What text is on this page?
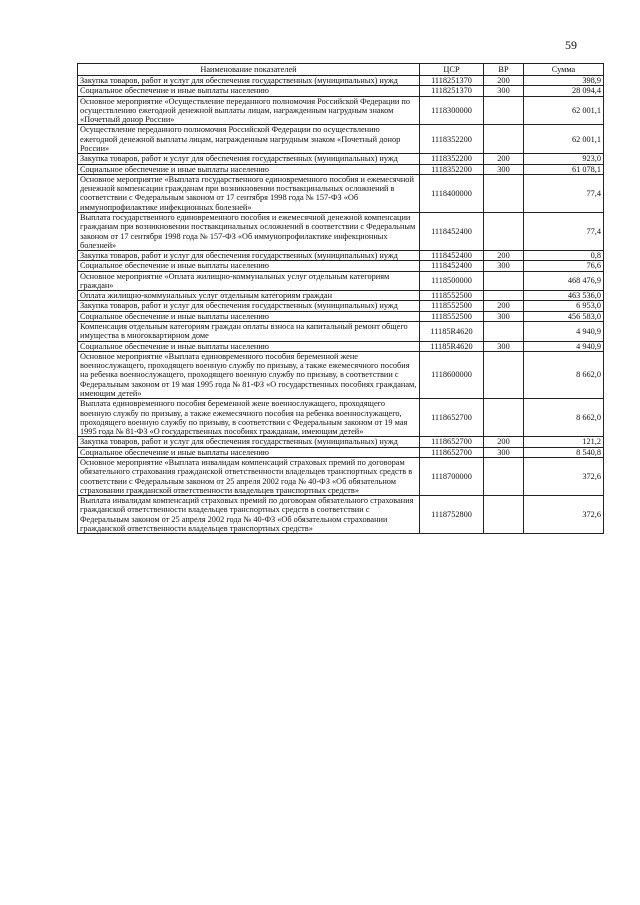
59
Наименование показателей	ЦСР	ВР	Сумма
Закупка товаров, работ и услуг для обеспечения государственных (муниципальных) нужд	1118251370	200	398,9
Социальное обеспечение и иные выплаты населению	1118251370	300	28 094,4
Основное мероприятие «Осуществление переданного полномочия Российской Федерации по осуществлению ежегодной денежной выплаты лицам, награжденным нагрудным знаком «Почетный донор России»	1118300000		62 001,1
Осуществление переданного полномочия Российской Федерации по осуществлению ежегодной денежной выплаты лицам, награжденным нагрудным знаком «Почетный донор России»	1118352200		62 001,1
Закупка товаров, работ и услуг для обеспечения государственных (муниципальных) нужд	1118352200	200	923,0
Социальное обеспечение и иные выплаты населению	1118352200	300	61 078,1
Основное мероприятие «Выплата государственного единовременного пособия и ежемесячной денежной компенсации гражданам при возникновении поствакцинальных осложнений в соответствии с Федеральным законом от 17 сентября 1998 года № 157-ФЗ «Об иммунопрофилактике инфекционных болезней»	1118400000		77,4
Выплата государственного единовременного пособия и ежемесячной денежной компенсации гражданам при возникновении поствакцинальных осложнений в соответствии с Федеральным законом от 17 сентября 1998 года № 157-ФЗ «Об иммунопрофилактике инфекционных болезней»	1118452400		77,4
Закупка товаров, работ и услуг для обеспечения государственных (муниципальных) нужд	1118452400	200	0,8
Социальное обеспечение и иные выплаты населению	1118452400	300	76,6
Основное мероприятие «Оплата жилищно-коммунальных услуг отдельным категориям граждан»	1118500000		468 476,9
Оплата жилищно-коммунальных услуг отдельным категориям граждан	1118552500		463 536,0
Закупка товаров, работ и услуг для обеспечения государственных (муниципальных) нужд	1118552500	200	6 953,0
Социальное обеспечение и иные выплаты населению	1118552500	300	456 583,0
Компенсация отдельным категориям граждан оплаты взноса на капитальный ремонт общего имущества в многоквартирном доме	11185R4620		4 940,9
Социальное обеспечение и иные выплаты населению	11185R4620	300	4 940,9
Основное мероприятие «Выплата единовременного пособия беременной жене военнослужащего, проходящего военную службу по призыву, а также ежемесячного пособия на ребенка военнослужащего, проходящего военную службу по призыву, в соответствии с Федеральным законом от 19 мая 1995 года № 81-ФЗ «О государственных пособиях гражданам, имеющим детей»	1118600000		8 662,0
Выплата единовременного пособия беременной жене военнослужащего, проходящего военную службу по призыву, а также ежемесячного пособия на ребенка военнослужащего, проходящего военную службу по призыву, в соответствии с Федеральным законом от 19 мая 1995 года № 81-ФЗ «О государственных пособиях гражданам, имеющим детей»	1118652700		8 662,0
Закупка товаров, работ и услуг для обеспечения государственных (муниципальных) нужд	1118652700	200	121,2
Социальное обеспечение и иные выплаты населению	1118652700	300	8 540,8
Основное мероприятие «Выплата инвалидам компенсаций страховых премий по договорам обязательного страхования гражданской ответственности владельцев транспортных средств в соответствии с Федеральным законом от 25 апреля 2002 года № 40-ФЗ «Об обязательном страховании гражданской ответственности владельцев транспортных средств»	1118700000		372,6
Выплата инвалидам компенсаций страховых премий по договорам обязательного страхования гражданской ответственности владельцев транспортных средств в соответствии с Федеральным законом от 25 апреля 2002 года № 40-ФЗ «Об обязательном страховании гражданской ответственности владельцев транспортных средств»	1118752800		372,6
